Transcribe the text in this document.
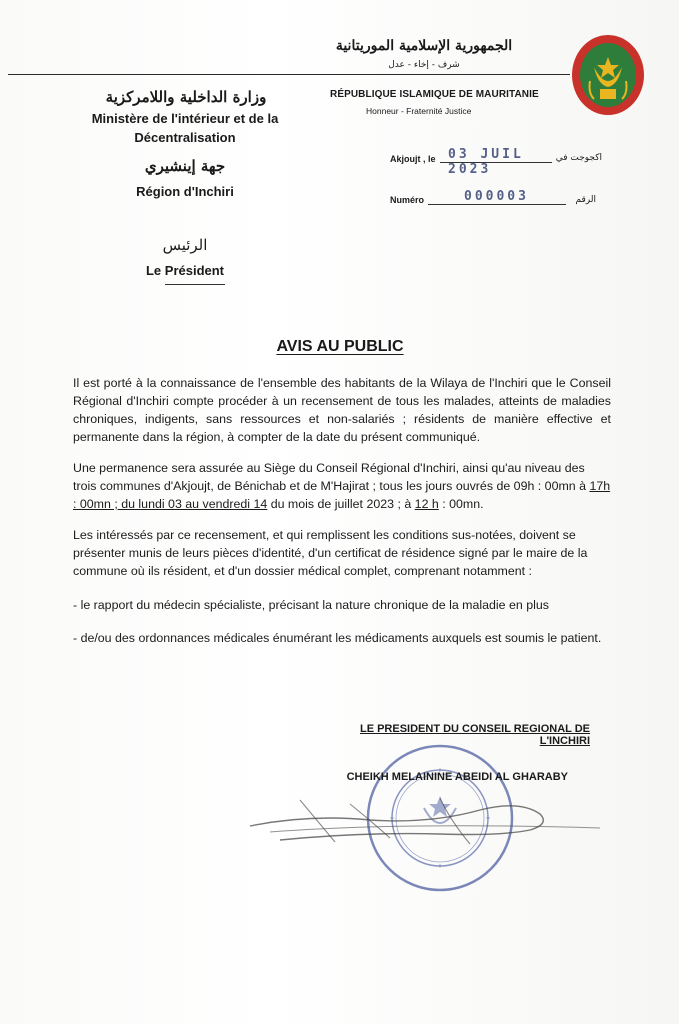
الجمهورية الإسلامية الموريتانية
شرف - إخاء - عدل
RÉPUBLIQUE ISLAMIQUE DE MAURITANIE
Honneur - Fraternité Justice
وزارة الداخلية واللامركزية
Ministère de l'intérieur et de la
Décentralisation
جهة إينشيري
Région d'Inchiri
الرئيس
Le Président
Akjoujt , le 03 JUIL 2023
اكجوجت في
Numéro	000003	الرقم
AVIS AU PUBLIC
Il est porté à la connaissance de l'ensemble des habitants de la Wilaya de l'Inchiri que le Conseil Régional d'Inchiri compte procéder à un recensement de tous les malades, atteints de maladies chroniques, indigents, sans ressources et non-salariés ; résidents de manière effective et permanente dans la région, à compter de la date du présent communiqué.
Une permanence sera assurée au Siège du Conseil Régional d'Inchiri, ainsi qu'au niveau des trois communes d'Akjoujt, de Bénichab et de M'Hajirat ; tous les jours ouvrés de 09h : 00mn à 17h : 00mn ; du lundi 03 au vendredi 14 du mois de juillet 2023 ; à 12 h : 00mn.
Les intéressés par ce recensement, et qui remplissent les conditions sus-notées, doivent se présenter munis de leurs pièces d'identité, d'un certificat de résidence signé par le maire de la commune où ils résident, et d'un dossier médical complet, comprenant notamment :
- le rapport du médecin spécialiste, précisant la nature chronique de la maladie en plus
- de/ou des ordonnances médicales énumérant les médicaments auxquels est soumis le patient.
LE PRESIDENT DU CONSEIL REGIONAL DE L'INCHIRI
CHEIKH MELAININE ABEIDI AL GHARABY
